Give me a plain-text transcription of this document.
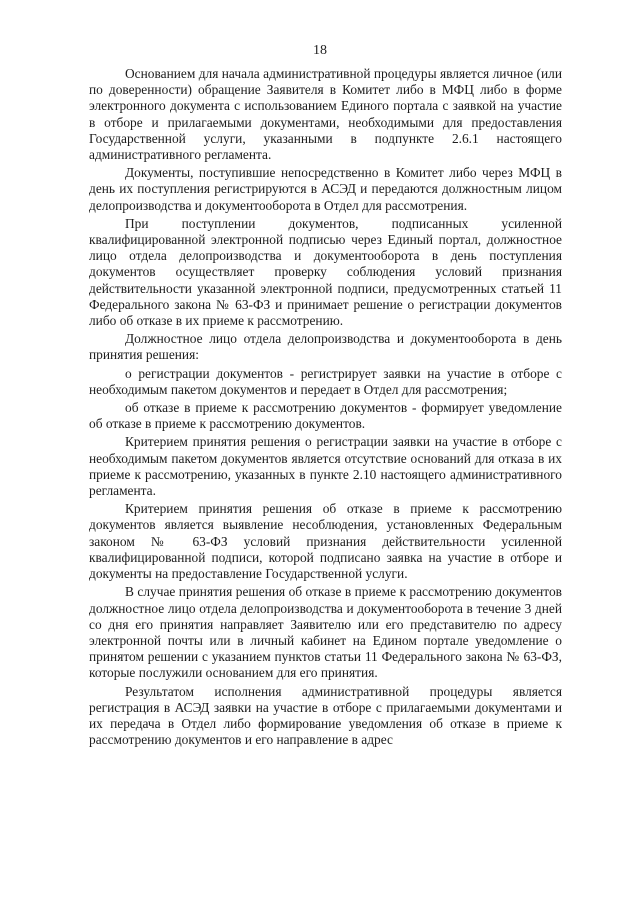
18

Основанием для начала административной процедуры является личное (или по доверенности) обращение Заявителя в Комитет либо в МФЦ либо в форме электронного документа с использованием Единого портала с заявкой на участие в отборе и прилагаемыми документами, необходимыми для предоставления Государственной услуги, указанными в подпункте 2.6.1 настоящего административного регламента.

Документы, поступившие непосредственно в Комитет либо через МФЦ в день их поступления регистрируются в АСЭД и передаются должностным лицом делопроизводства и документооборота в Отдел для рассмотрения.

При поступлении документов, подписанных усиленной квалифицированной электронной подписью через Единый портал, должностное лицо отдела делопроизводства и документооборота в день поступления документов осуществляет проверку соблюдения условий признания действительности указанной электронной подписи, предусмотренных статьей 11 Федерального закона № 63-ФЗ и принимает решение о регистрации документов либо об отказе в их приеме к рассмотрению.

Должностное лицо отдела делопроизводства и документооборота в день принятия решения:

о регистрации документов - регистрирует заявки на участие в отборе с необходимым пакетом документов и передает в Отдел для рассмотрения;

об отказе в приеме к рассмотрению документов - формирует уведомление об отказе в приеме к рассмотрению документов.

Критерием принятия решения о регистрации заявки на участие в отборе с необходимым пакетом документов является отсутствие оснований для отказа в их приеме к рассмотрению, указанных в пункте 2.10 настоящего административного регламента.

Критерием принятия решения об отказе в приеме к рассмотрению документов является выявление несоблюдения, установленных Федеральным законом № 63-ФЗ условий признания действительности усиленной квалифицированной подписи, которой подписано заявка на участие в отборе и документы на предоставление Государственной услуги.

В случае принятия решения об отказе в приеме к рассмотрению документов должностное лицо отдела делопроизводства и документооборота в течение 3 дней со дня его принятия направляет Заявителю или его представителю по адресу электронной почты или в личный кабинет на Едином портале уведомление о принятом решении с указанием пунктов статьи 11 Федерального закона № 63-ФЗ, которые послужили основанием для его принятия.

Результатом исполнения административной процедуры является регистрация в АСЭД заявки на участие в отборе с прилагаемыми документами и их передача в Отдел либо формирование уведомления об отказе в приеме к рассмотрению документов и его направление в адрес
